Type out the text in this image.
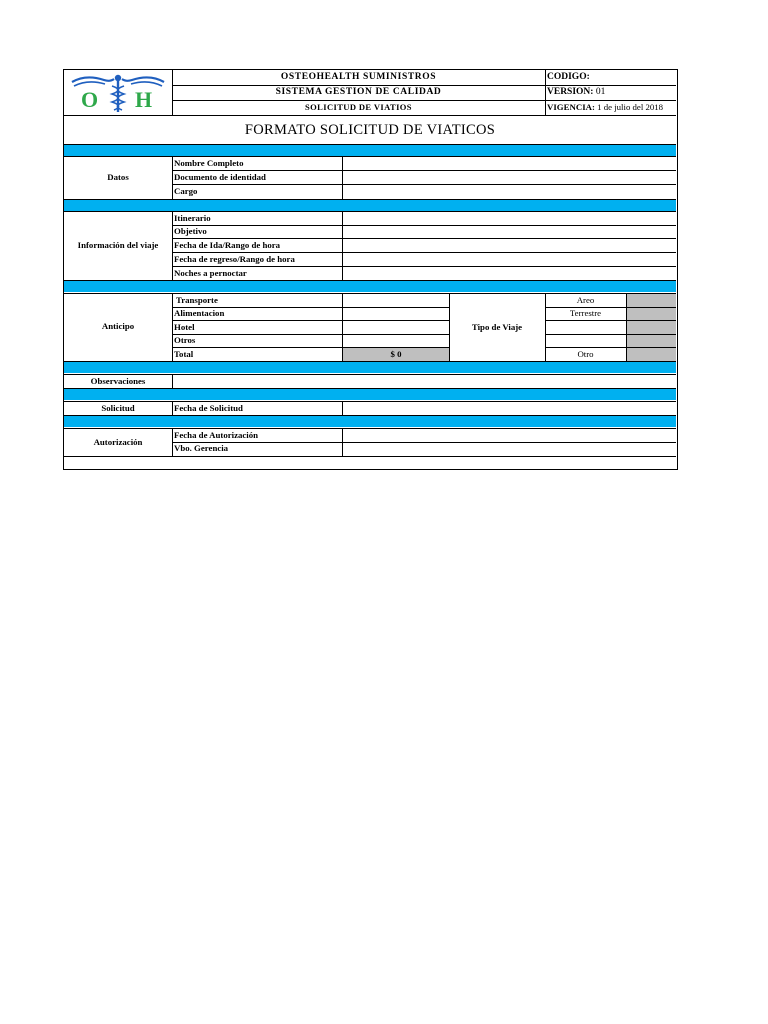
O H
OSTEOHEALTH SUMINISTROS
SISTEMA GESTION DE CALIDAD
SOLICITUD DE VIATIOS
CODIGO:
VERSION: 01
VIGENCIA: 1 de julio del 2018
FORMATO SOLICITUD DE VIATICOS
Datos
Nombre Completo
Documento de identidad
Cargo
Información del viaje
Itinerario
Objetivo
Fecha de Ida/Rango de hora
Fecha de regreso/Rango de hora
Noches a pernoctar
Anticipo
Transporte
Alimentacion
Hotel
Otros
Total	$ 0
Tipo de Viaje
Areo
Terrestre
Otro
Observaciones
Solicitud	Fecha de Solicitud
Autorización
Fecha de Autorización
Vbo. Gerencia
